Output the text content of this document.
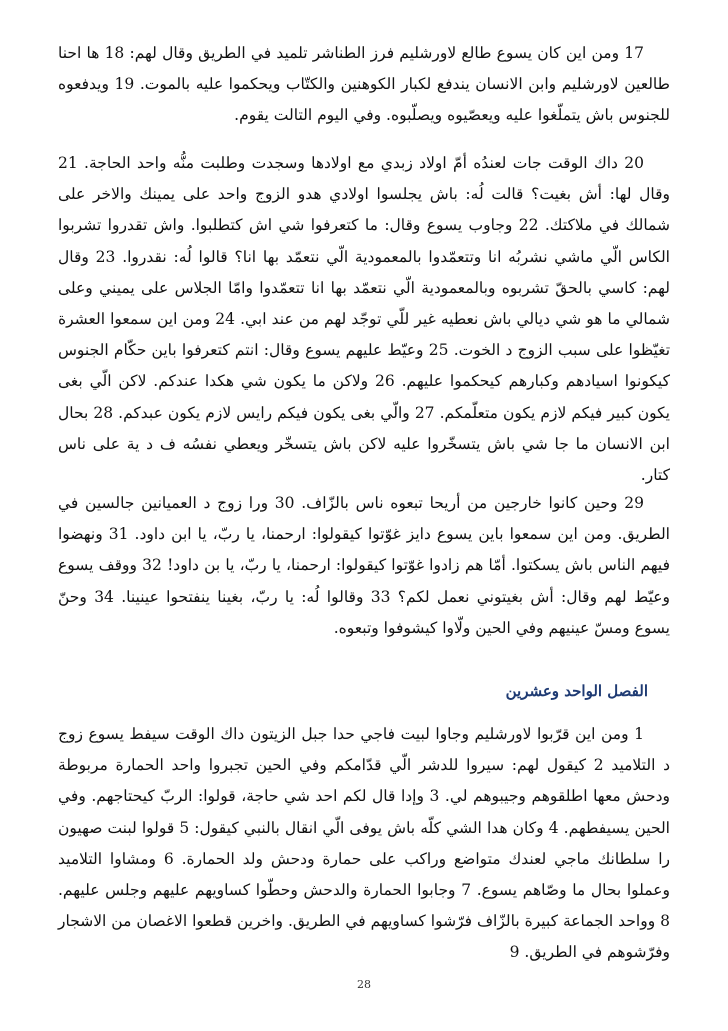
17 ومن اين كان يسوع طالع لاورشليم فرز الطناشر تلميد في الطريق وقال لهم: 18 ها احنا طالعين لاورشليم وابن الانسان يندفع لكبار الكوهنين والكتّاب ويحكموا عليه بالموت. 19 ويدفعوه للجنوس باش يتملّغوا عليه ويعصّيوه ويصلّبوه. وفي اليوم التالت يقوم.

20 داك الوقت جات لعندُه أمّ اولاد زبدي مع اولادها وسجدت وطلبت منُّه واحد الحاجة. 21 وقال لها: أش بغيت؟ قالت لُه: باش يجلسوا اولادي هدو الزوج واحد على يمينك والاخر على شمالك في ملاكتك. 22 وجاوب يسوع وقال: ما كتعرفوا شي اش كتطلبوا. واش تقدروا تشربوا الكاس الّي ماشي نشربُه انا وتتعمّدوا بالمعمودية الّي نتعمّد بها انا؟ قالوا لُه: نقدروا. 23 وقال لهم: كاسي بالحقّ تشربوه وبالمعمودية الّي نتعمّد بها انا تتعمّدوا وامّا الجلاس على يميني وعلى شمالي ما هو شي ديالي باش نعطيه غير للّي توجّد لهم من عند ابي. 24 ومن اين سمعوا العشرة تغيّظوا على سبب الزوج د الخوت. 25 وعيّط عليهم يسوع وقال: انتم كتعرفوا باين حكّام الجنوس كيكونوا اسيادهم وكبارهم كيحكموا عليهم. 26 ولاكن ما يكون شي هكدا عندكم. لاكن الّي بغى يكون كبير فيكم لازم يكون متعلّمكم. 27 والّي بغى يكون فيكم رايس لازم يكون عبدكم. 28 بحال ابن الانسان ما جا شي باش يتسخّروا عليه لاكن باش يتسخّر ويعطي نفسُه ف د ية على ناس كتار.

29 وحين كانوا خارجين من أريحا تبعوه ناس بالزّاف. 30 ورا زوج د العميانين جالسين في الطريق. ومن اين سمعوا باين يسوع دايز غوّتوا كيقولوا: ارحمنا، يا ربّ، يا ابن داود. 31 ونهضوا فيهم الناس باش يسكتوا. أمّا هم زادوا غوّتوا كيقولوا: ارحمنا، يا ربّ، يا بن داود! 32 ووقف يسوع وعيّط لهم وقال: أش بغيتوني نعمل لكم؟ 33 وقالوا لُه: يا ربّ، بغينا ينفتحوا عينينا. 34 وحنّ يسوع ومسّ عينيهم وفي الحين ولّاوا كيشوفوا وتبعوه.

الفصل الواحد وعشرين

1 ومن اين قرّبوا لاورشليم وجاوا لبيت فاجي حدا جبل الزيتون داك الوقت سيفط يسوع زوج د التلاميد 2 كيقول لهم: سيروا للدشر الّي قدّامكم وفي الحين تجبروا واحد الحمارة مربوطة ودحش معها اطلقوهم وجيبوهم لي. 3 وإدا قال لكم احد شي حاجة، قولوا: الربّ كيحتاجهم. وفي الحين يسيفطهم. 4 وكان هدا الشي كلّه باش يوفى الّي انقال بالنبي كيقول: 5 قولوا لبنت صهيون را سلطانك ماجي لعندك متواضع وراكب على حمارة ودحش ولد الحمارة. 6 ومشاوا التلاميد وعملوا بحال ما وصّاهم يسوع. 7 وجابوا الحمارة والدحش وحطّوا كساويهم عليهم وجلس عليهم. 8 وواحد الجماعة كبيرة بالزّاف فرّشوا كساويهم في الطريق. واخرين قطعوا الاغصان من الاشجار وفرّشوهم في الطريق. 9

28
